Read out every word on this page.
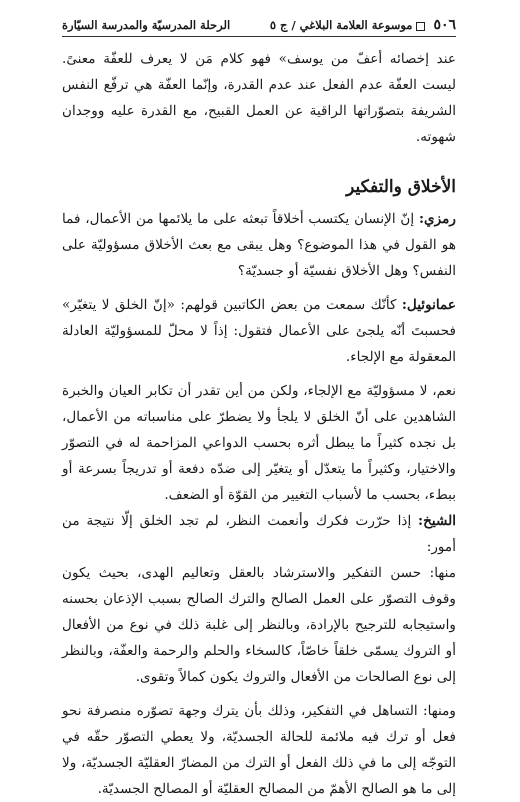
٥٠٦موسوعة العلامة البلاغي / ج ٥
الرحلة المدرسيّة والمدرسة السيّارة

عند إخصائه أعفّ من يوسف» فهو كلام مَن لا يعرف للعفّة معنىً. ليست العفّة عدم الفعل عند عدم القدرة، وإنّما العفّة هي ترفّع النفس الشريفة بتصوّراتها الراقية عن العمل القبيح، مع القدرة عليه ووجدان شهوته.

الأخلاق والتفكير

رمزي: إنّ الإنسان يكتسب أخلاقاً تبعثه على ما يلائمها من الأعمال، فما هو القول في هذا الموضوع؟ وهل يبقى مع بعث الأخلاق مسؤوليّة على النفس؟ وهل الأخلاق نفسيّة أو جسديّة؟

عمانوئيل: كأنّك سمعت من بعض الكاتبين قولهم: «إنّ الخلق لا يتغيّر» فحسبتَ أنّه يلجئ على الأعمال فتقول: إذاً لا محلّ للمسؤوليّة العادلة المعقولة مع الإلجاء.

نعم، لا مسؤوليّة مع الإلجاء، ولكن من أين تقدر أن تكابر العيان والخبرة الشاهدين على أنّ الخلق لا يلجأ ولا يضطرّ على مناسباته من الأعمال، بل نجده كثيراً ما يبطل أثره بحسب الدواعي المزاحمة له في التصوّر والاختيار، وكثيراً ما يتعدّل أو يتغيّر إلى ضدّه دفعة أو تدريجاً بسرعة أو ببطء، بحسب ما لأسباب التغيير من القوّة أو الضعف.

الشيخ: إذا حرّرت فكرك وأنعمت النظر، لم تجد الخلق إلّا نتيجة من أمور:

منها: حسن التفكير والاسترشاد بالعقل وتعاليم الهدى، بحيث يكون وقوف التصوّر على العمل الصالح والترك الصالح بسبب الإذعان بحسنه واستيجابه للترجيح بالإرادة، وبالنظر إلى غلبة ذلك في نوع من الأفعال أو التروك يسمّى خلقاً خاصّاً، كالسخاء والحلم والرحمة والعفّة، وبالنظر إلى نوع الصالحات من الأفعال والتروك يكون كمالاً وتقوى.

ومنها: التساهل في التفكير، وذلك بأن يترك وجهة تصوّره منصرفة نحو فعل أو ترك فيه ملائمة للحالة الجسديّة، ولا يعطي التصوّر حقّه في التوجّه إلى ما في ذلك الفعل أو الترك من المضارّ العقليّة الجسديّة، ولا إلى ما هو الصالح الأهمّ من المصالح العقليّة أو المصالح الجسديّة.
